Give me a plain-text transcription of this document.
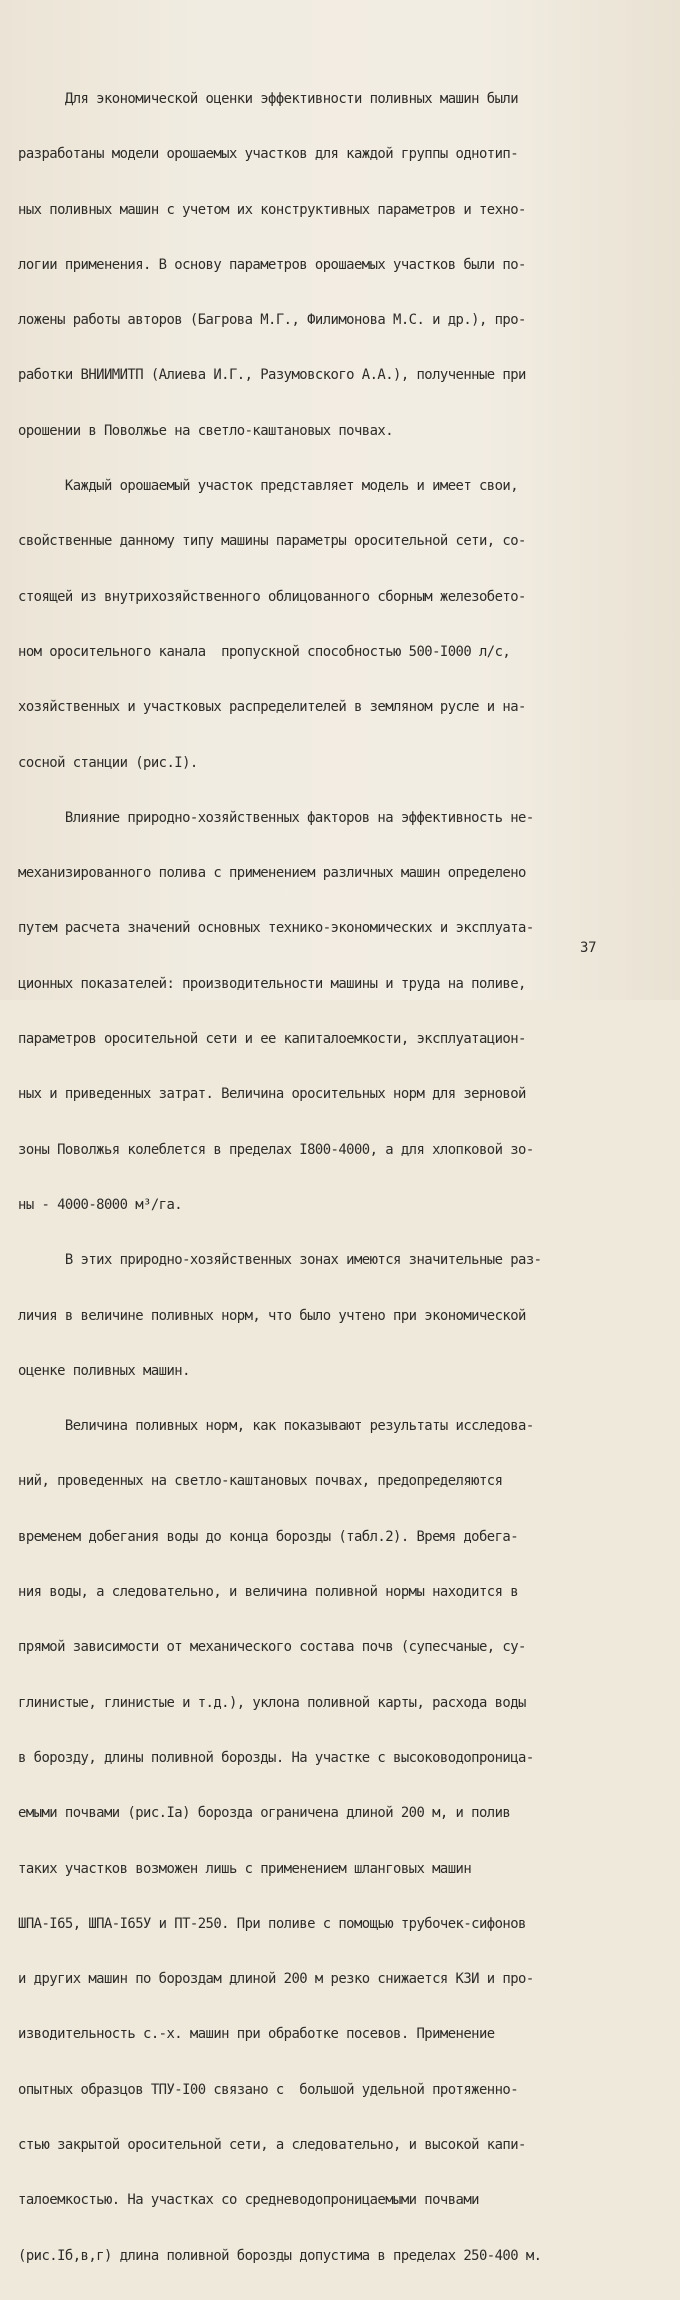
Для экономической оценки эффективности поливных машин были

разработаны модели орошаемых участков для каждой группы однотип-

ных поливных машин с учетом их конструктивных параметров и техно-

логии применения. В основу параметров орошаемых участков были по-

ложены работы авторов (Багрова М.Г., Филимонова М.С. и др.), про-

работки ВНИИМИТП (Алиева И.Г., Разумовского А.А.), полученные при

орошении в Поволжье на светло-каштановых почвах.

Каждый орошаемый участок представляет модель и имеет свои,

свойственные данному типу машины параметры оросительной сети, со-

стоящей из внутрихозяйственного облицованного сборным железобето-

ном оросительного канала  пропускной способностью 500-I000 л/с,

хозяйственных и участковых распределителей в земляном русле и на-

сосной станции (рис.I).

Влияние природно-хозяйственных факторов на эффективность не-

механизированного полива с применением различных машин определено

путем расчета значений основных технико-экономических и эксплуата-

ционных показателей: производительности машины и труда на поливе,

параметров оросительной сети и ее капиталоемкости, эксплуатацион-

ных и приведенных затрат. Величина оросительных норм для зерновой

зоны Поволжья колеблется в пределах I800-4000, а для хлопковой зо-

ны - 4000-8000 м³/га.

В этих природно-хозяйственных зонах имеются значительные раз-

личия в величине поливных норм, что было учтено при экономической

оценке поливных машин.

Величина поливных норм, как показывают результаты исследова-

ний, проведенных на светло-каштановых почвах, предопределяются

временем добегания воды до конца борозды (табл.2). Время добега-

ния воды, а следовательно, и величина поливной нормы находится в

прямой зависимости от механического состава почв (супесчаные, су-

глинистые, глинистые и т.д.), уклона поливной карты, расхода воды

в борозду, длины поливной борозды. На участке с высоководопроница-

емыми почвами (рис.Iа) борозда ограничена длиной 200 м, и полив

таких участков возможен лишь с применением шланговых машин

ШПА-I65, ШПА-I65У и ПТ-250. При поливе с помощью трубочек-сифонов

и других машин по бороздам длиной 200 м резко снижается КЗИ и про-

изводительность с.-х. машин при обработке посевов. Применение

опытных образцов ТПУ-I00 связано с  большой удельной протяженно-

стью закрытой оросительной сети, а следовательно, и высокой капи-

талоемкостью. На участках со средневодопроницаемыми почвами

(рис.Iб,в,г) длина поливной борозды допустима в пределах 250-400 м.

37
